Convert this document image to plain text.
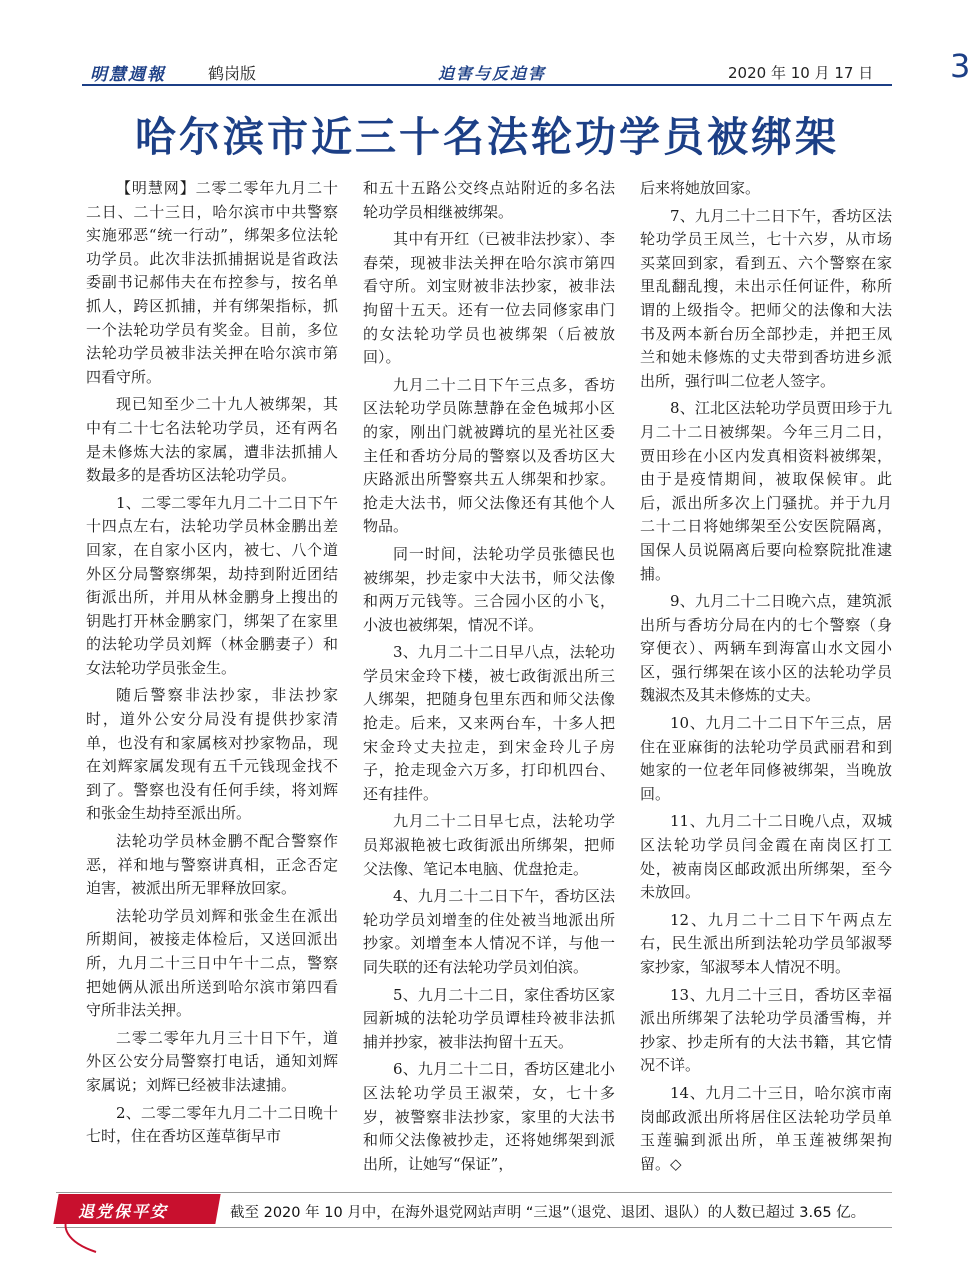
明慧週報	鹤岗版	迫害与反迫害	2020 年 10 月 17 日 3
哈尔滨市近三十名法轮功学员被绑架

【明慧网】二零二零年九月二十二日、二十三日，哈尔滨市中共警察实施邪恶“统一行动”，绑架多位法轮功学员。此次非法抓捕据说是省政法委副书记郝伟夫在布控参与，按名单抓人，跨区抓捕，并有绑架指标，抓一个法轮功学员有奖金。目前，多位法轮功学员被非法关押在哈尔滨市第四看守所。

现已知至少二十九人被绑架，其中有二十七名法轮功学员，还有两名是未修炼大法的家属，遭非法抓捕人数最多的是香坊区法轮功学员。

1、二零二零年九月二十二日下午十四点左右，法轮功学员林金鹏出差回家，在自家小区内，被七、八个道外区分局警察绑架，劫持到附近团结街派出所，并用从林金鹏身上搜出的钥匙打开林金鹏家门，绑架了在家里的法轮功学员刘辉（林金鹏妻子）和女法轮功学员张金生。

随后警察非法抄家，非法抄家时，道外公安分局没有提供抄家清单，也没有和家属核对抄家物品，现在刘辉家属发现有五千元钱现金找不到了。警察也没有任何手续，将刘辉和张金生劫持至派出所。

法轮功学员林金鹏不配合警察作恶，祥和地与警察讲真相，正念否定迫害，被派出所无罪释放回家。

法轮功学员刘辉和张金生在派出所期间，被接走体检后，又送回派出所，九月二十三日中午十二点，警察把她俩从派出所送到哈尔滨市第四看守所非法关押。

二零二零年九月三十日下午，道外区公安分局警察打电话，通知刘辉家属说；刘辉已经被非法逮捕。

2、二零二零年九月二十二日晚十七时，住在香坊区莲草街早市

和五十五路公交终点站附近的多名法轮功学员相继被绑架。

其中有开红（已被非法抄家）、李春荣，现被非法关押在哈尔滨市第四看守所。刘宝财被非法抄家，被非法拘留十五天。还有一位去同修家串门的女法轮功学员也被绑架（后被放回）。

九月二十二日下午三点多，香坊区法轮功学员陈慧静在金色城邦小区的家，刚出门就被蹲坑的星光社区委主任和香坊分局的警察以及香坊区大庆路派出所警察共五人绑架和抄家。抢走大法书，师父法像还有其他个人物品。

同一时间，法轮功学员张德民也被绑架，抄走家中大法书，师父法像和两万元钱等。三合园小区的小飞，小波也被绑架，情况不详。

3、九月二十二日早八点，法轮功学员宋金玲下楼，被七政街派出所三人绑架，把随身包里东西和师父法像抢走。后来，又来两台车，十多人把宋金玲丈夫拉走，到宋金玲儿子房子，抢走现金六万多，打印机四台、还有挂件。

九月二十二日早七点，法轮功学员郑淑艳被七政街派出所绑架，把师父法像、笔记本电脑、优盘抢走。

4、九月二十二日下午，香坊区法轮功学员刘增奎的住处被当地派出所抄家。刘增奎本人情况不详，与他一同失联的还有法轮功学员刘伯滨。

5、九月二十二日，家住香坊区家园新城的法轮功学员谭桂玲被非法抓捕并抄家，被非法拘留十五天。

6、九月二十二日，香坊区建北小区法轮功学员王淑荣，女，七十多岁，被警察非法抄家，家里的大法书和师父法像被抄走，还将她绑架到派出所，让她写“保证”，

后来将她放回家。

7、九月二十二日下午，香坊区法轮功学员王凤兰，七十六岁，从市场买菜回到家，看到五、六个警察在家里乱翻乱搜，未出示任何证件，称所谓的上级指令。把师父的法像和大法书及两本新台历全部抄走，并把王凤兰和她未修炼的丈夫带到香坊进乡派出所，强行叫二位老人签字。

8、江北区法轮功学员贾田珍于九月二十二日被绑架。今年三月二日，贾田珍在小区内发真相资料被绑架，由于是疫情期间，被取保候审。此后，派出所多次上门骚扰。并于九月二十二日将她绑架至公安医院隔离，国保人员说隔离后要向检察院批准逮捕。

9、九月二十二日晚六点，建筑派出所与香坊分局在内的七个警察（身穿便衣）、两辆车到海富山水文园小区，强行绑架在该小区的法轮功学员魏淑杰及其未修炼的丈夫。

10、九月二十二日下午三点，居住在亚麻街的法轮功学员武丽君和到她家的一位老年同修被绑架，当晚放回。

11、九月二十二日晚八点，双城区法轮功学员闫金霞在南岗区打工处，被南岗区邮政派出所绑架，至今未放回。

12、九月二十二日下午两点左右，民生派出所到法轮功学员邹淑琴家抄家，邹淑琴本人情况不明。

13、九月二十三日，香坊区幸福派出所绑架了法轮功学员潘雪梅，并抄家、抄走所有的大法书籍，其它情况不详。

14、九月二十三日，哈尔滨市南岗邮政派出所将居住区法轮功学员单玉莲骗到派出所，单玉莲被绑架拘留。◇

退党保平安	截至 2020 年 10 月中，在海外退党网站声明 “三退”（退党、退团、退队）的人数已超过 3.65 亿。
